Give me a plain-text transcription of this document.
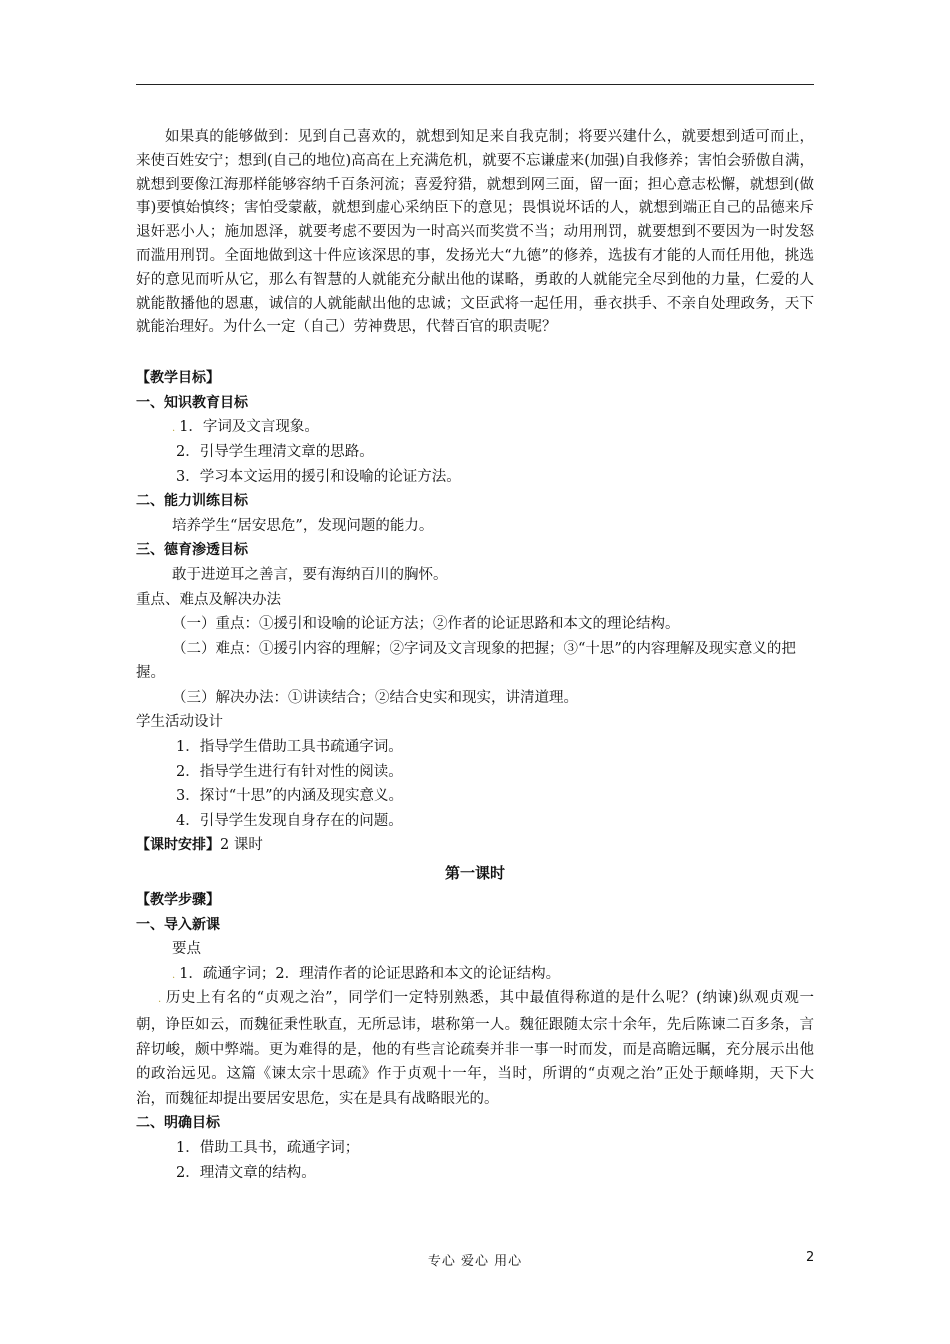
如果真的能够做到：见到自己喜欢的，就想到知足来自我克制；将要兴建什么，就要想到适可而止，来使百姓安宁；想到(自己的地位)高高在上充满危机，就要不忘谦虚来(加强)自我修养；害怕会骄傲自满，就想到要像江海那样能够容纳千百条河流；喜爱狩猎，就想到网三面，留一面；担心意志松懈，就想到(做事)要慎始慎终；害怕受蒙蔽，就想到虚心采纳臣下的意见；畏惧说坏话的人，就想到端正自己的品德来斥退奸恶小人；施加恩泽，就要考虑不要因为一时高兴而奖赏不当；动用刑罚，就要想到不要因为一时发怒而滥用刑罚。全面地做到这十件应该深思的事，发扬光大“九德”的修养，选拔有才能的人而任用他，挑选好的意见而听从它，那么有智慧的人就能充分献出他的谋略，勇敢的人就能完全尽到他的力量，仁爱的人就能散播他的恩惠，诚信的人就能献出他的忠诚；文臣武将一起任用，垂衣拱手、不亲自处理政务，天下就能治理好。为什么一定（自己）劳神费思，代替百官的职责呢？

【教学目标】
一、知识教育目标
. 1．字词及文言现象。
2．引导学生理清文章的思路。
3．学习本文运用的援引和设喻的论证方法。
二、能力训练目标
培养学生“居安思危”，发现问题的能力。
三、德育渗透目标
敢于进逆耳之善言，要有海纳百川的胸怀。
重点、难点及解决办法
（一）重点：①援引和设喻的论证方法；②作者的论证思路和本文的理论结构。
（二）难点：①援引内容的理解；②字词及文言现象的把握；③“十思”的内容理解及现实意义的把握。
（三）解决办法：①讲读结合；②结合史实和现实，讲清道理。
学生活动设计
1．指导学生借助工具书疏通字词。
2．指导学生进行有针对性的阅读。
3．探讨“十思”的内涵及现实意义。
4．引导学生发现自身存在的问题。
【课时安排】2 课时
第一课时
【教学步骤】
一、导入新课
要点
. 1．疏通字词；2．理清作者的论证思路和本文的论证结构。
. 历史上有名的“贞观之治”，同学们一定特别熟悉，其中最值得称道的是什么呢？(纳谏)纵观贞观一朝，诤臣如云，而魏征秉性耿直，无所忌讳，堪称第一人。魏征跟随太宗十余年，先后陈谏二百多条，言辞切峻，颇中弊端。更为难得的是，他的有些言论疏奏并非一事一时而发，而是高瞻远瞩，充分展示出他的政治远见。这篇《谏太宗十思疏》作于贞观十一年，当时，所谓的“贞观之治”正处于颠峰期，天下大治，而魏征却提出要居安思危，实在是具有战略眼光的。
二、明确目标
1．借助工具书，疏通字词；
2．理清文章的结构。
专心 爱心 用心	2
